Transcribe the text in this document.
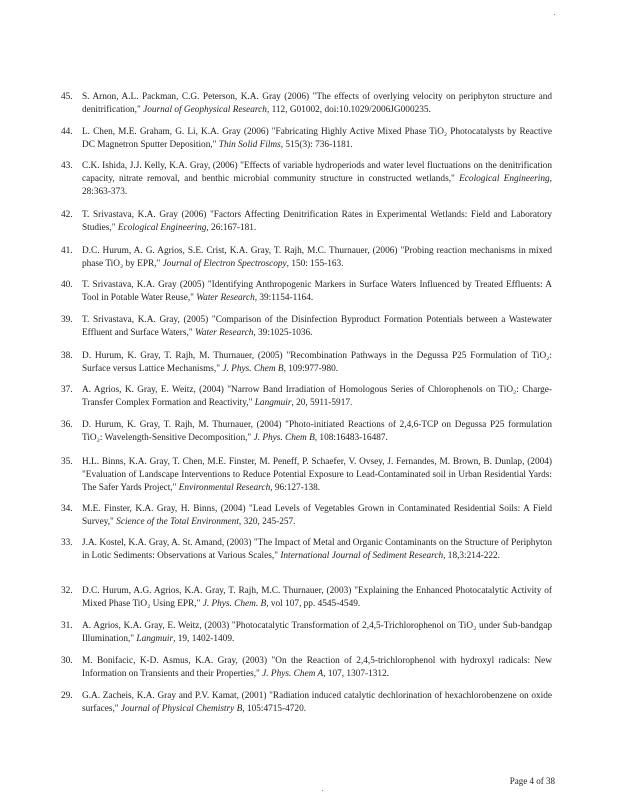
45. S. Arnon, A.L. Packman, C.G. Peterson, K.A. Gray (2006) "The effects of overlying velocity on periphyton structure and denitrification," Journal of Geophysical Research, 112, G01002, doi:10.1029/2006JG000235.
44. L. Chen, M.E. Graham, G. Li, K.A. Gray (2006) "Fabricating Highly Active Mixed Phase TiO₂ Photocatalysts by Reactive DC Magnetron Sputter Deposition," Thin Solid Films, 515(3): 736-1181.
43. C.K. Ishida, J.J. Kelly, K.A. Gray, (2006) "Effects of variable hydroperiods and water level fluctuations on the denitrification capacity, nitrate removal, and benthic microbial community structure in constructed wetlands," Ecological Engineering, 28:363-373.
42. T. Srivastava, K.A. Gray (2006) "Factors Affecting Denitrification Rates in Experimental Wetlands: Field and Laboratory Studies," Ecological Engineering, 26:167-181.
41. D.C. Hurum, A. G. Agrios, S.E. Crist, K.A. Gray, T. Rajh, M.C. Thurnauer, (2006) "Probing reaction mechanisms in mixed phase TiO₂ by EPR," Journal of Electron Spectroscopy, 150: 155-163.
40. T. Srivastava, K.A. Gray (2005) "Identifying Anthropogenic Markers in Surface Waters Influenced by Treated Effluents: A Tool in Potable Water Reuse," Water Research, 39:1154-1164.
39. T. Srivastava, K.A. Gray, (2005) "Comparison of the Disinfection Byproduct Formation Potentials between a Wastewater Effluent and Surface Waters," Water Research, 39:1025-1036.
38. D. Hurum, K. Gray, T. Rajh, M. Thurnauer, (2005) "Recombination Pathways in the Degussa P25 Formulation of TiO₂: Surface versus Lattice Mechanisms," J. Phys. Chem B, 109:977-980.
37. A. Agrios, K. Gray, E. Weitz, (2004) "Narrow Band Irradiation of Homologous Series of Chlorophenols on TiO₂: Charge-Transfer Complex Formation and Reactivity," Langmuir, 20, 5911-5917.
36. D. Hurum, K. Gray, T. Rajh, M. Thurnauer, (2004) "Photo-initiated Reactions of 2,4,6-TCP on Degussa P25 formulation TiO₂: Wavelength-Sensitive Decomposition," J. Phys. Chem B, 108:16483-16487.
35. H.L. Binns, K.A. Gray, T. Chen, M.E. Finster, M. Peneff, P. Schaefer, V. Ovsey, J. Fernandes, M. Brown, B. Dunlap, (2004) "Evaluation of Landscape Interventions to Reduce Potential Exposure to Lead-Contaminated soil in Urban Residential Yards: The Safer Yards Project," Environmental Research, 96:127-138.
34. M.E. Finster, K.A. Gray, H. Binns, (2004) "Lead Levels of Vegetables Grown in Contaminated Residential Soils: A Field Survey," Science of the Total Environment, 320, 245-257.
33. J.A. Kostel, K.A. Gray, A. St. Amand, (2003) "The Impact of Metal and Organic Contaminants on the Structure of Periphyton in Lotic Sediments: Observations at Various Scales," International Journal of Sediment Research, 18,3:214-222.
32. D.C. Hurum, A.G. Agrios, K.A. Gray, T. Rajh, M.C. Thurnauer, (2003) "Explaining the Enhanced Photocatalytic Activity of Mixed Phase TiO₂ Using EPR," J. Phys. Chem. B, vol 107, pp. 4545-4549.
31. A. Agrios, K.A. Gray, E. Weitz, (2003) "Photocatalytic Transformation of 2,4,5-Trichlorophenol on TiO₂ under Sub-bandgap Illumination," Langmuir, 19, 1402-1409.
30. M. Bonifacic, K-D. Asmus, K.A. Gray, (2003) "On the Reaction of 2,4,5-trichlorophenol with hydroxyl radicals: New Information on Transients and their Properties," J. Phys. Chem A, 107, 1307-1312.
29. G.A. Zacheis, K.A. Gray and P.V. Kamat, (2001) "Radiation induced catalytic dechlorination of hexachlorobenzene on oxide surfaces," Journal of Physical Chemistry B, 105:4715-4720.
Page 4 of 38
